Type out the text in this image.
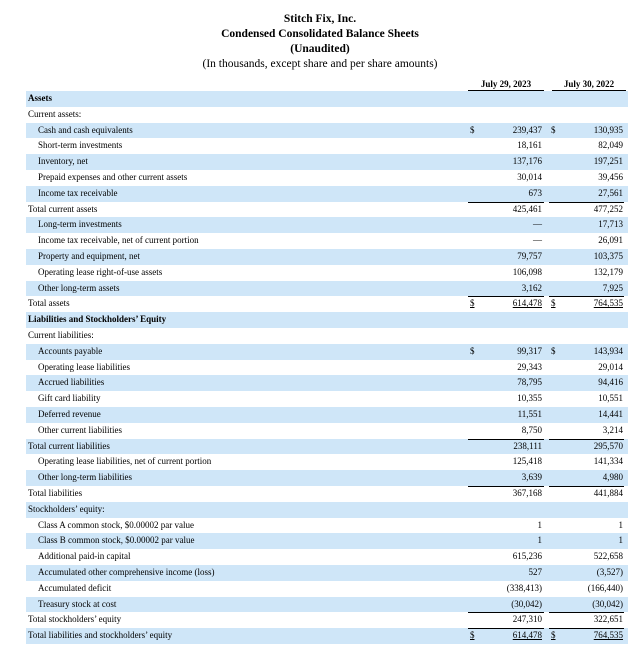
Stitch Fix, Inc.
Condensed Consolidated Balance Sheets
(Unaudited)
(In thousands, except share and per share amounts)
July 29, 2023	July 30, 2022
Assets
Current assets:
Cash and cash equivalents	$	239,437 $	130,935
Short-term investments	18,161	82,049
Inventory, net	137,176	197,251
Prepaid expenses and other current assets	30,014	39,456
Income tax receivable	673	27,561
Total current assets	425,461	477,252
Long-term investments	—	17,713
Income tax receivable, net of current portion	—	26,091
Property and equipment, net	79,757	103,375
Operating lease right-of-use assets	106,098	132,179
Other long-term assets	3,162	7,925
Total assets	$	614,478 $	764,535
Liabilities and Stockholders’ Equity
Current liabilities:
Accounts payable	$	99,317 $	143,934
Operating lease liabilities	29,343	29,014
Accrued liabilities	78,795	94,416
Gift card liability	10,355	10,551
Deferred revenue	11,551	14,441
Other current liabilities	8,750	3,214
Total current liabilities	238,111	295,570
Operating lease liabilities, net of current portion	125,418	141,334
Other long-term liabilities	3,639	4,980
Total liabilities	367,168	441,884
Stockholders’ equity:
Class A common stock, $0.00002 par value	1	1
Class B common stock, $0.00002 par value	1	1
Additional paid-in capital	615,236	522,658
Accumulated other comprehensive income (loss)	527	(3,527)
Accumulated deficit	(338,413)	(166,440)
Treasury stock at cost	(30,042)	(30,042)
Total stockholders’ equity	247,310	322,651
Total liabilities and stockholders’ equity	$	614,478 $	764,535
